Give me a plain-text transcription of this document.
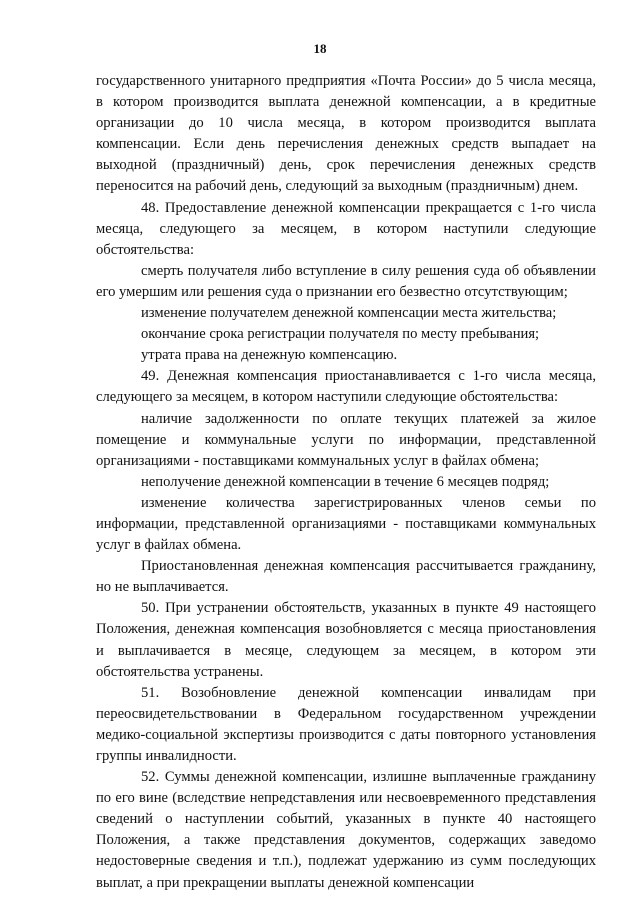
18

государственного унитарного предприятия «Почта России» до 5 числа месяца, в котором производится выплата денежной компенсации, а в кредитные организации до 10 числа месяца, в котором производится выплата компенсации. Если день перечисления денежных средств выпадает на выходной (праздничный) день, срок перечисления денежных средств переносится на рабочий день, следующий за выходным (праздничным) днем.

48. Предоставление денежной компенсации прекращается с 1-го числа месяца, следующего за месяцем, в котором наступили следующие обстоятельства:

смерть получателя либо вступление в силу решения суда об объявлении его умершим или решения суда о признании его безвестно отсутствующим;

изменение получателем денежной компенсации места жительства;

окончание срока регистрации получателя по месту пребывания;

утрата права на денежную компенсацию.

49. Денежная компенсация приостанавливается с 1-го числа месяца, следующего за месяцем, в котором наступили следующие обстоятельства:

наличие задолженности по оплате текущих платежей за жилое помещение и коммунальные услуги по информации, представленной организациями - поставщиками коммунальных услуг в файлах обмена;

неполучение денежной компенсации в течение 6 месяцев подряд;

изменение количества зарегистрированных членов семьи по информации, представленной организациями - поставщиками коммунальных услуг в файлах обмена.

Приостановленная денежная компенсация рассчитывается гражданину, но не выплачивается.

50. При устранении обстоятельств, указанных в пункте 49 настоящего Положения, денежная компенсация возобновляется с месяца приостановления и выплачивается в месяце, следующем за месяцем, в котором эти обстоятельства устранены.

51. Возобновление денежной компенсации инвалидам при переосвидетельствовании в Федеральном государственном учреждении медико-социальной экспертизы производится с даты повторного установления группы инвалидности.

52. Суммы денежной компенсации, излишне выплаченные гражданину по его вине (вследствие непредставления или несвоевременного представления сведений о наступлении событий, указанных в пункте 40 настоящего Положения, а также представления документов, содержащих заведомо недостоверные сведения и т.п.), подлежат удержанию из сумм последующих выплат, а при прекращении выплаты денежной компенсации
